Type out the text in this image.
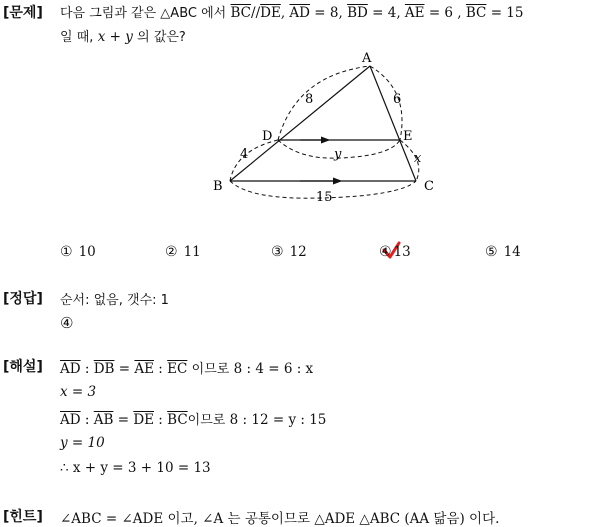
[문제]
[정답]
[해설]
[힌트]
다음 그림과 같은 △ABC 에서 $\overline{BC}//\overline{DE}$, $\overline{AD} = 8$, $\overline{BD} = 4$, $\overline{AE} = 6$ , $\overline{BC} = 15$
일 때, x + y 의 값은?
A
D	E
B	C
8	6
4	y	x
15
① 10	② 11	③ 12	④ 13	⑤ 14
순서: 없음, 갯수: 1
④
$\overline{AD}$ : $\overline{DB} = \overline{AE}$ : $\overline{EC}$ 이므로 8 : 4 = 6 : x
x = 3
$\overline{AD}$ : $\overline{AB} = \overline{DE}$ : $\overline{BC}$이므로 8 : 12 = y : 15
y = 10
∴ x + y = 3 + 10 = 13
∠ABC = ∠ADE 이고, ∠A 는 공통이므로 △ADE △ABC (AA 닮음) 이다.
